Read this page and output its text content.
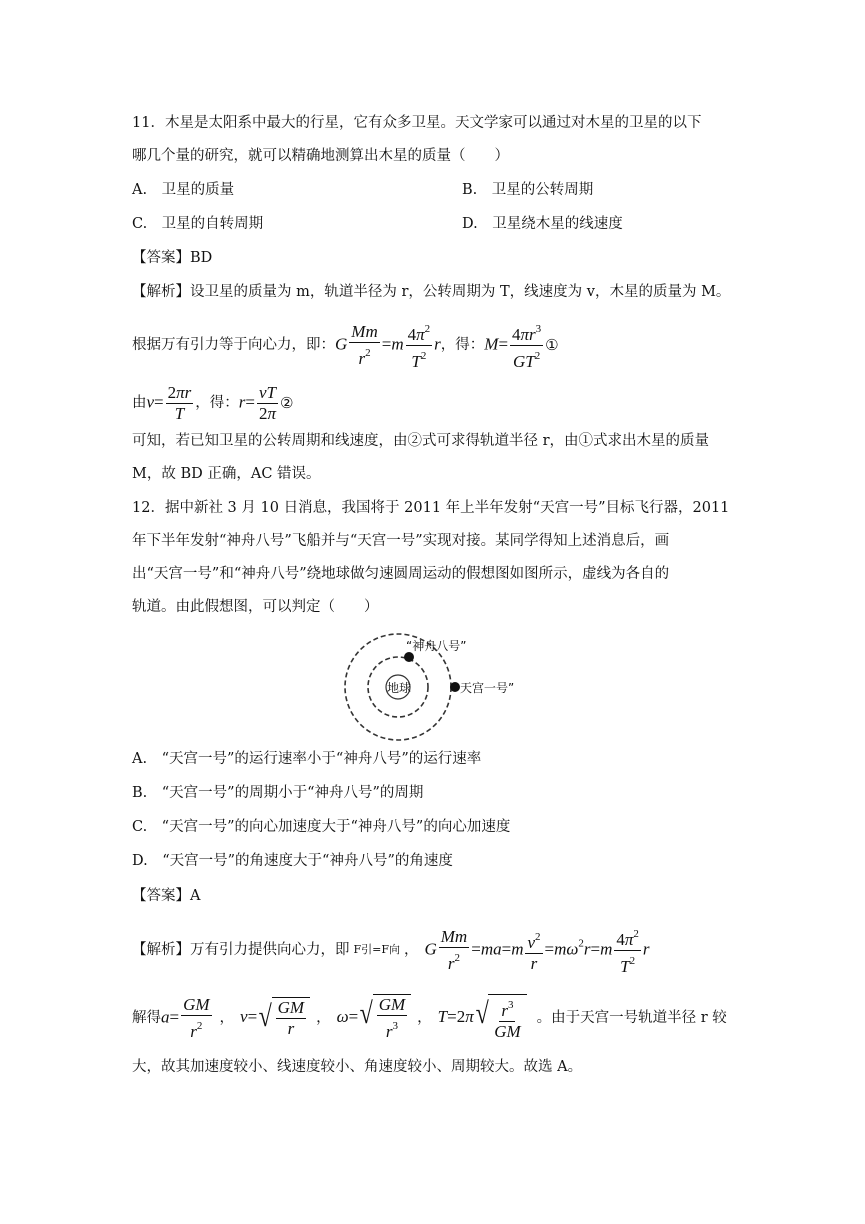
11．木星是太阳系中最大的行星，它有众多卫星。天文学家可以通过对木星的卫星的以下
哪几个量的研究，就可以精确地测算出木星的质量（　　）
A.　卫星的质量	B.　卫星的公转周期
C.　卫星的自转周期	D.　卫星绕木星的线速度
【答案】BD
【解析】设卫星的质量为 m，轨道半径为 r，公转周期为 T，线速度为 v，木星的质量为 M。
根据万有引力等于向心力，即： G $\frac{Mm}{r^2} =m \frac{4\pi^2}{T^2}$ r ，得： $M= \frac{4\pi r^3}{GT^2}$ ①
由 $v= \frac{2\pi r}{T}$ ，得： $r= \frac{vT}{2\pi}$ ②
可知，若已知卫星的公转周期和线速度，由②式可求得轨道半径 r，由①式求出木星的质量
M，故 BD 正确，AC 错误。
12．据中新社 3 月 10 日消息，我国将于 2011 年上半年发射“天宫一号”目标飞行器，2011
年下半年发射“神舟八号”飞船并与“天宫一号”实现对接。某同学得知上述消息后，画
出“天宫一号”和“神舟八号”绕地球做匀速圆周运动的假想图如图所示，虚线为各自的
轨道。由此假想图，可以判定（　　）
地球
“神舟八号”
天宫一号”
A.　“天宫一号”的运行速率小于“神舟八号”的运行速率
B.　“天宫一号”的周期小于“神舟八号”的周期
C.　“天宫一号”的向心加速度大于“神舟八号”的向心加速度
D.　“天宫一号”的角速度大于“神舟八号”的角速度
【答案】A
【解析】万有引力提供向心力，即 F引=F向 ， G $\frac{Mm}{r^2} =ma=m \frac{v^2}{r} =m\omega^2r=m \frac{4\pi^2}{T^2}$ r
解得 $a= \frac{GM}{r^2}$ ， v= √ $\frac{GM}{r}$ ， ω= √ $\frac{GM}{r^3}$ ， T=2π √ $\frac{r^3}{GM}$ 。由于天宫一号轨道半径 r 较
大，故其加速度较小、线速度较小、角速度较小、周期较大。故选 A。
